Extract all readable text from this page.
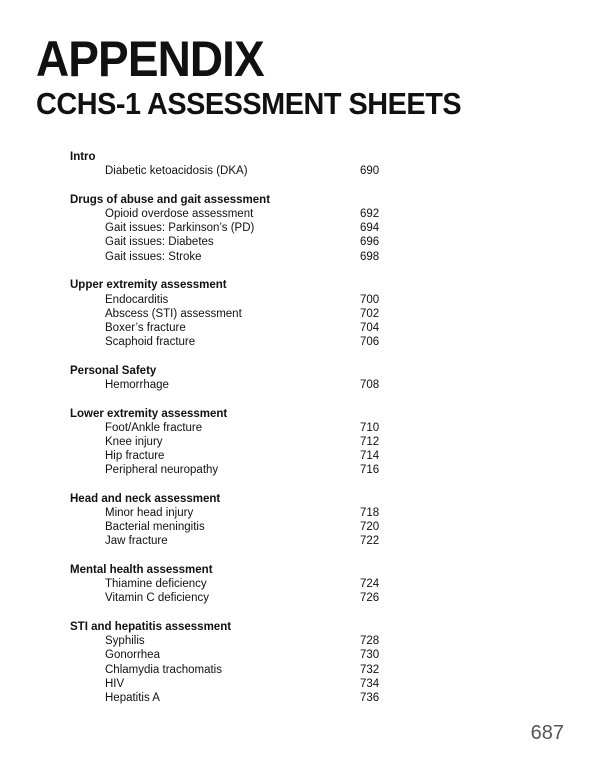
APPENDIX
CCHS-1 ASSESSMENT SHEETS
Intro
Diabetic ketoacidosis (DKA)	690
Drugs of abuse and gait assessment
Opioid overdose assessment	692
Gait issues: Parkinson’s (PD)	694
Gait issues: Diabetes	696
Gait issues: Stroke	698
Upper extremity assessment
Endocarditis	700
Abscess (STI) assessment	702
Boxer’s fracture	704
Scaphoid fracture	706
Personal Safety
Hemorrhage	708
Lower extremity assessment
Foot/Ankle fracture	710
Knee injury	712
Hip fracture	714
Peripheral neuropathy	716
Head and neck assessment
Minor head injury	718
Bacterial meningitis	720
Jaw fracture	722
Mental health assessment
Thiamine deficiency	724
Vitamin C deficiency	726
STI and hepatitis assessment
Syphilis	728
Gonorrhea	730
Chlamydia trachomatis	732
HIV	734
Hepatitis A	736
687
